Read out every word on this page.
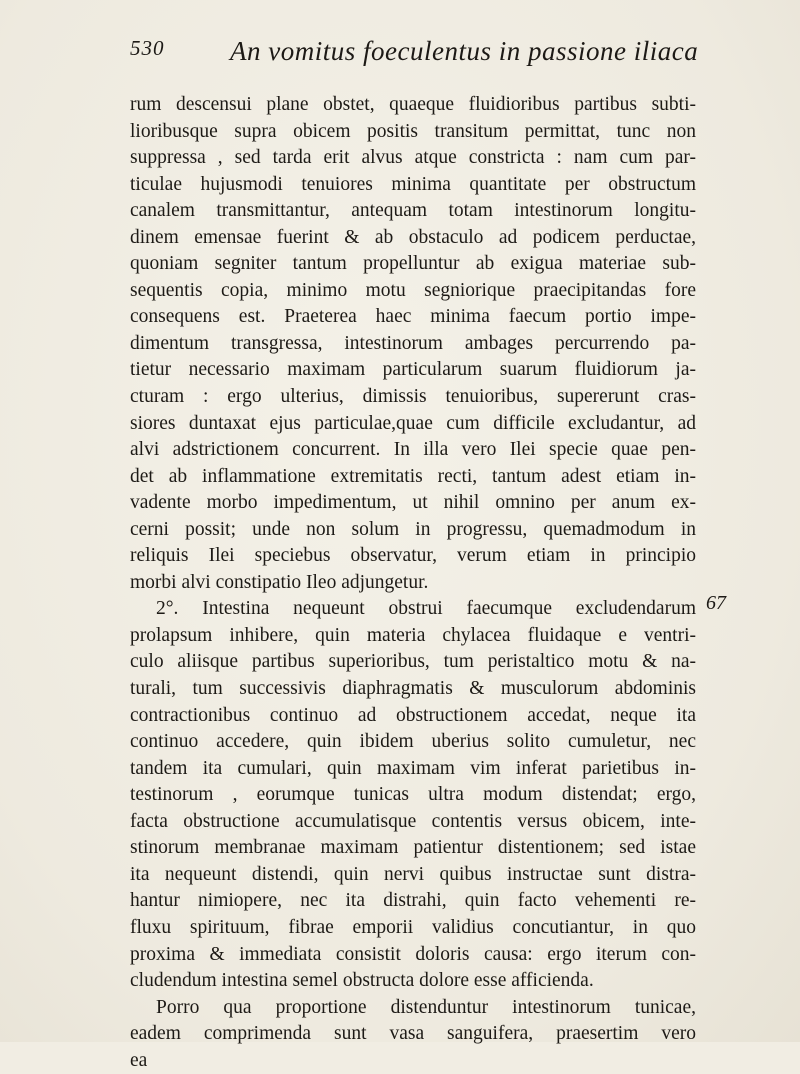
530 An vomitus foeculentus in passione iliaca
rum descensui plane obstet, quaeque fluidioribus partibus subti-
lioribusque supra obicem positis transitum permittat, tunc non
suppressa , sed tarda erit alvus atque constricta : nam cum par-
ticulae hujusmodi tenuiores minima quantitate per obstructum
canalem transmittantur, antequam totam intestinorum longitu-
dinem emensae fuerint & ab obstaculo ad podicem perductae,
quoniam segniter tantum propelluntur ab exigua materiae sub-
sequentis copia, minimo motu segniorique praecipitandas fore
consequens est. Praeterea haec minima faecum portio impe-
dimentum transgressa, intestinorum ambages percurrendo pa-
tietur necessario maximam particularum suarum fluidiorum ja-
cturam : ergo ulterius, dimissis tenuioribus, supererunt cras-
siores duntaxat ejus particulae,quae cum difficile excludantur, ad
alvi adstrictionem concurrent. In illa vero Ilei specie quae pen-
det ab inflammatione extremitatis recti, tantum adest etiam in-
vadente morbo impedimentum, ut nihil omnino per anum ex-
cerni possit; unde non solum in progressu, quemadmodum in
reliquis Ilei speciebus observatur, verum etiam in principio
morbi alvi constipatio Ileo adjungetur.
2°. Intestina nequeunt obstrui faecumque excludendarum
prolapsum inhibere, quin materia chylacea fluidaque e ventri-
culo aliisque partibus superioribus, tum peristaltico motu & na-
turali, tum successivis diaphragmatis & musculorum abdominis
contractionibus continuo ad obstructionem accedat, neque ita
continuo accedere, quin ibidem uberius solito cumuletur, nec
tandem ita cumulari, quin maximam vim inferat parietibus in-
testinorum , eorumque tunicas ultra modum distendat; ergo,
facta obstructione accumulatisque contentis versus obicem, inte-
stinorum membranae maximam patientur distentionem; sed istae
ita nequeunt distendi, quin nervi quibus instructae sunt distra-
hantur nimiopere, nec ita distrahi, quin facto vehementi re-
fluxu spirituum, fibrae emporii validius concutiantur, in quo
proxima & immediata consistit doloris causa: ergo iterum con-
cludendum intestina semel obstructa dolore esse afficienda.
Porro qua proportione distenduntur intestinorum tunicae,
eadem comprimenda sunt vasa sanguifera, praesertim vero
ea
67
